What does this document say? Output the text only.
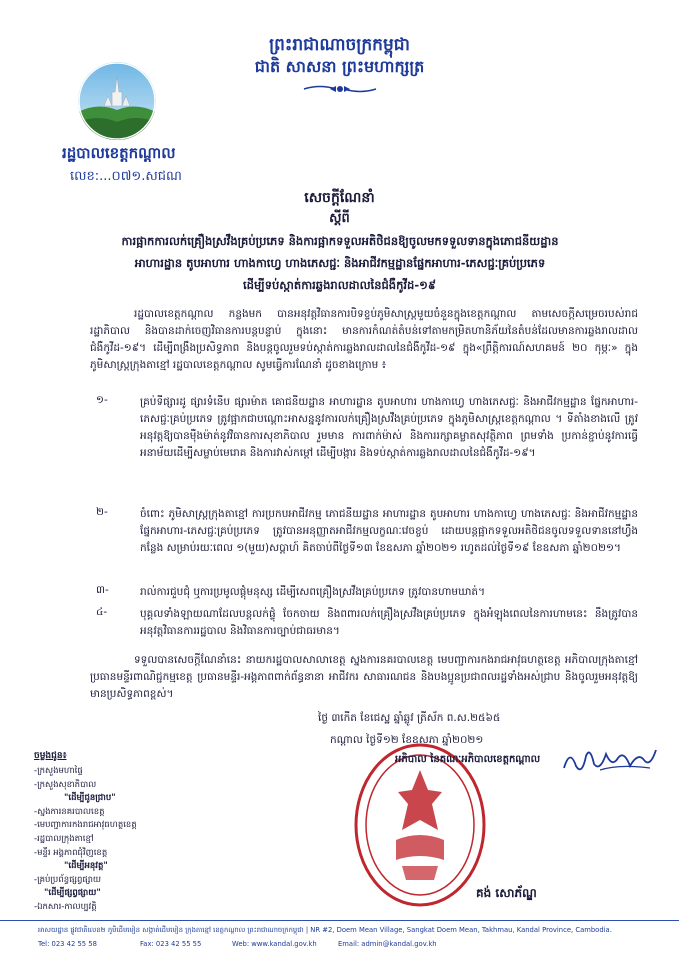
ព្រះរាជាណាចក្រកម្ពុជា
ជាតិ សាសនា ព្រះមហាក្សត្រ
រដ្ឋបាលខេត្តកណ្ដាល
លេខ:...០៧១.សជណ
សេចក្ដីណែនាំ
ស្ដីពី
ការផ្អាកការលក់គ្រឿងស្រវឹងគ្រប់ប្រភេទ និងការផ្អាកទទួលអតិថិជនឱ្យចូលមកទទួលទានក្នុងភោជនីយដ្ឋាន
អាហារដ្ឋាន តូបអាហារ ហាងកាហ្វេ ហាងភេសជ្ជៈ និងអាជីវកម្មដ្ឋានផ្នែកអាហារ-ភេសជ្ជៈគ្រប់ប្រភេទ
ដើម្បីទប់ស្កាត់ការឆ្លងរាលដាលនៃជំងឺកូវីដ-១៩
រដ្ឋបាលខេត្តកណ្ដាល កន្លងមក បានអនុវត្តវិធានការបិទខ្ទប់ភូមិសាស្ត្រមួយចំនួនក្នុងខេត្តកណ្ដាល តាមសេចក្ដីសម្រេចរបស់រាជរដ្ឋាភិបាល និងបានដាក់ចេញវិធានការបន្តបន្ទាប់ ក្នុងនោះ មានការកំណត់តំបន់ទៅតាមកម្រិតហានិភ័យនៃតំបន់ដែលមានការឆ្លងរាលដាលជំងឺកូវីដ-១៩។ ដើម្បីពង្រឹងប្រសិទ្ធភាព និងបន្តចូលរួមទប់ស្កាត់ការឆ្លងរាលដាលនៃជំងឺកូវីដ-១៩ ក្នុង«ព្រឹត្តិការណ៍សហគមន៍ ២០ កុម្ភៈ» ក្នុងភូមិសាស្ត្រក្រុងតាខ្មៅ រដ្ឋបាលខេត្តកណ្ដាល សូមធ្វើការណែនាំ ដូចខាងក្រោម ៖
១-	គ្រប់ទីផ្សារដូ ផ្សារទំនើប ផ្សារម៉ាត គោជនីយដ្ឋាន អាហារដ្ឋាន តូបអាហារ ហាងកាហ្វេ ហាងភេសជ្ជៈ និងអាជីវកម្មដ្ឋាន ផ្នែកអាហារ-ភេសជ្ជៈគ្រប់ប្រភេទ ត្រូវផ្អាកជាបណ្ដោះអាសន្ននូវការលក់គ្រឿងស្រវឹងគ្រប់ប្រភេទ ក្នុងភូមិសាស្ត្រខេត្តកណ្ដាល ។ ទីតាំងខាងលើ ត្រូវអនុវត្តឱ្យបានម៉ឺងម៉ាត់នូវវិធានការសុខាភិបាល រួមមាន ការពាក់ម៉ាស់ និងការរក្សាគម្លាតសុវត្ថិភាព ព្រមទាំង ប្រកាន់ខ្ជាប់នូវការធ្វើអនាម័យដើម្បីសម្លាប់មេរោគ និងការវាស់កម្ដៅ ដើម្បីបង្ការ និងទប់ស្កាត់ការឆ្លងរាលដាលនៃជំងឺកូវីដ-១៩។
២-	ចំពោះ ភូមិសាស្ត្រក្រុងតាខ្មៅ ការប្រកបអាជីវកម្ម ភោជនីយដ្ឋាន អាហារដ្ឋាន តូបអាហារ ហាងកាហ្វេ ហាងភេសជ្ជៈ និងអាជីវកម្មដ្ឋានផ្នែកអាហារ-ភេសជ្ជៈគ្រប់ប្រភេទ ត្រូវបានអនុញ្ញាតអាជីវកម្មលក្ខណៈវេចខ្ចប់ ដោយបន្តផ្អាកទទួលអតិថិជនចូលទទួលទាននៅហ្វឹងកន្លែង សម្រាប់រយៈពេល ១(មួយ)សប្ដាហ៍ គិតចាប់ពីថ្ងៃទី១៣ ខែឧសភា ឆ្នាំ២០២១ រហូតដល់ថ្ងៃទី១៩ ខែឧសភា ឆ្នាំ២០២១។
៣-	រាល់ការជួបជុំ ឬការប្រមូលផ្ដុំមនុស្ស ដើម្បីសេពគ្រឿងស្រវឹងគ្រប់ប្រភេទ ត្រូវបានហាមឃាត់។
៤-	បុគ្គលទាំងឡាយណាដែលបន្តលក់ផ្ទុំ ចែកចាយ និងពពារលក់គ្រឿងស្រវឹងគ្រប់ប្រភេទ ក្នុងអំឡុងពេលនៃការហាមនេះ នឹងត្រូវបានអនុវត្តវិធានការរដ្ឋបាល និងវិធានការច្បាប់ជាធរមាន។
ទទួលបានសេចក្ដីណែនាំនេះ នាយករដ្ឋបាលសាលាខេត្ត ស្នងការនគរបាលខេត្ត មេបញ្ជាការកងរាជអាវុធហត្ថខេត្ត អភិបាលក្រុងតាខ្មៅ ប្រធានមន្ទីរពាណិជ្ជកម្មខេត្ត ប្រធានមន្ទីរ-អង្គភាពពាក់ព័ន្ធនានា អាជីវករ សាធារណជន និងបងប្អូនប្រជាពលរដ្ឋទាំងអស់ជ្រាប និងចូលរួមអនុវត្តឱ្យមានប្រសិទ្ធភាពខ្ពស់។
ថ្ងៃ ៣កើត ខែជេស្ឋ ឆ្នាំឆ្លូវ ត្រីស័ក ព.ស.២៥៦៥
កណ្ដាល ថ្ងៃទី១២ ខែឧសភា ឆ្នាំ២០២១
អភិបាល នៃគណៈអភិបាលខេត្តកណ្ដាល
គង់ សោភ័ណ្ឌ
ចម្លងជូន៖
-ក្រសួងមហាផ្ទៃ
-ក្រសួងសុខាភិបាល
"ដើម្បីជូនជ្រាប"
-ស្នងការនគរបាលខេត្ត
-មេបញ្ជាការកងរាជអាវុធហត្ថខេត្ត
-រដ្ឋបាលក្រុងតាខ្មៅ
-មន្ទីរ អង្គភាពជុំវិញខេត្ត
"ដើម្បីអនុវត្ត"
-គ្រប់ប្រព័ន្ធផ្សព្វផ្សាយ
"ដើម្បីផ្សព្វផ្សាយ"
-ឯកសារ-កាលប្បវត្តិ
អាសយដ្ឋាន ផ្លូវជាតិលេខ២ ភូមិដើមមៀន សង្កាត់ដើមមៀន ក្រុងតាខ្មៅ ខេត្តកណ្ដាល ព្រះរាជាណាចក្រកម្ពុជា | NR #2, Doem Mean Village, Sangkat Doem Mean, Takhmau, Kandal Province, Cambodia.
Tel: 023 42 55 58	Fax: 023 42 55 55	Web: www.kandal.gov.kh	Email: admin@kandal.gov.kh
